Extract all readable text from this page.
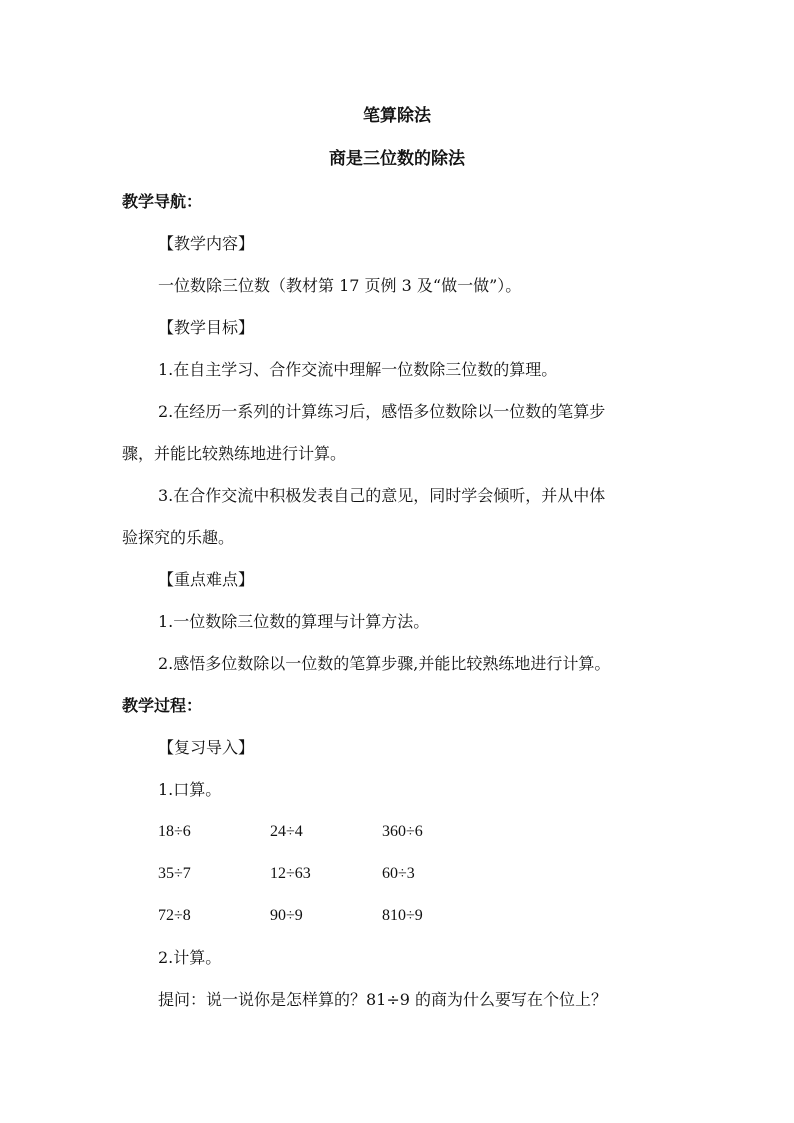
笔算除法
商是三位数的除法
教学导航：
【教学内容】
一位数除三位数（教材第 17 页例 3 及“做一做”）。
【教学目标】
1.在自主学习、合作交流中理解一位数除三位数的算理。
2.在经历一系列的计算练习后，感悟多位数除以一位数的笔算步
骤，并能比较熟练地进行计算。
3.在合作交流中积极发表自己的意见，同时学会倾听，并从中体
验探究的乐趣。
【重点难点】
1.一位数除三位数的算理与计算方法。
2.感悟多位数除以一位数的笔算步骤,并能比较熟练地进行计算。
教学过程：
【复习导入】
1.口算。
18÷6	24÷4	360÷6
35÷7	12÷63	60÷3
72÷8	90÷9	810÷9
2.计算。
提问：说一说你是怎样算的？81÷9 的商为什么要写在个位上？
